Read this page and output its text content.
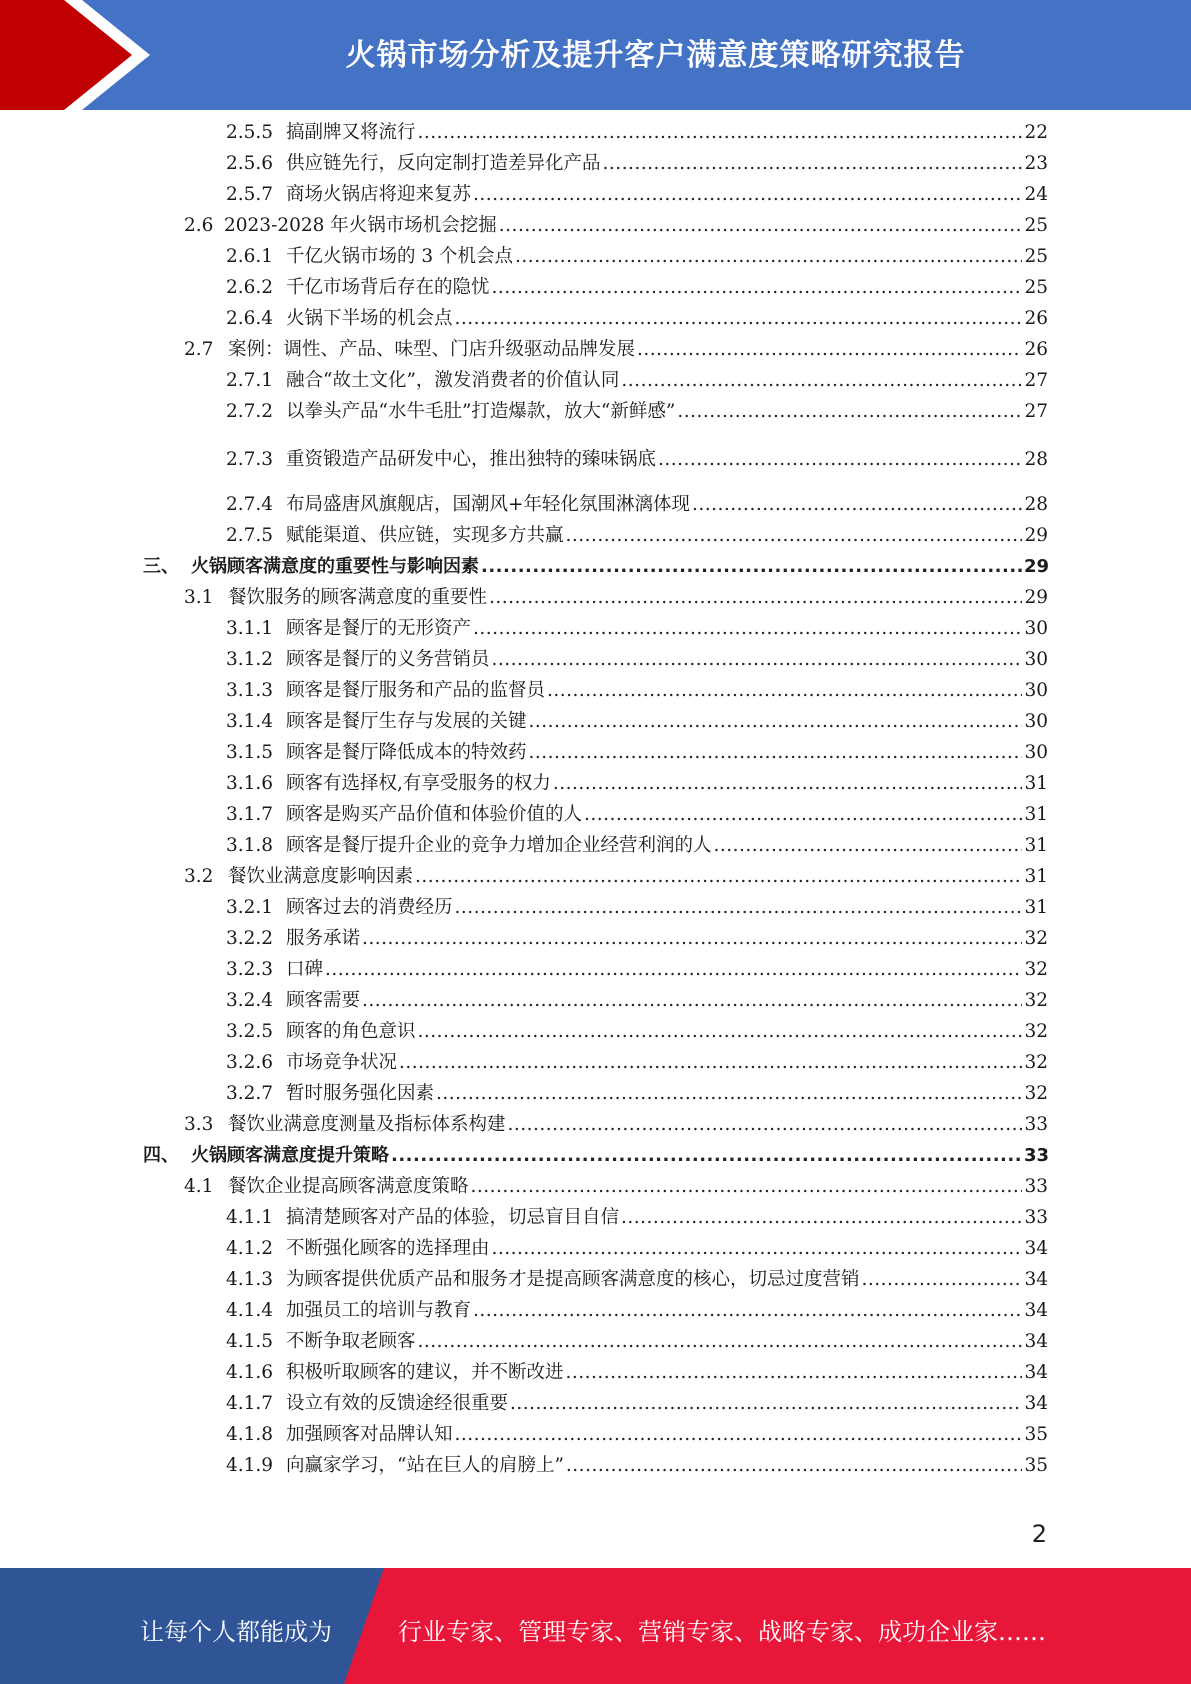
火锅市场分析及提升客户满意度策略研究报告
2.5.5 搞副牌又将流行 .....	22
2.5.6 供应链先行，反向定制打造差异化产品 .....	23
2.5.7 商场火锅店将迎来复苏 .....	24
2.6 2023-2028 年火锅市场机会挖掘 .....	25
2.6.1 千亿火锅市场的 3 个机会点 .....	25
2.6.2 千亿市场背后存在的隐忧 .....	25
2.6.4 火锅下半场的机会点 .....	26
2.7 案例：调性、产品、味型、门店升级驱动品牌发展 .....	26
2.7.1 融合“故土文化”，激发消费者的价值认同 .....	27
2.7.2 以拳头产品“水牛毛肚”打造爆款，放大“新鲜感” .....	27
2.7.3 重资锻造产品研发中心，推出独特的臻味锅底 .....	28
2.7.4 布局盛唐风旗舰店，国潮风+年轻化氛围淋漓体现 .....	28
2.7.5 赋能渠道、供应链，实现多方共赢 .....	29
三、 火锅顾客满意度的重要性与影响因素 .....	29
3.1 餐饮服务的顾客满意度的重要性 .....	29
3.1.1 顾客是餐厅的无形资产 .....	30
3.1.2 顾客是餐厅的义务营销员 .....	30
3.1.3 顾客是餐厅服务和产品的监督员 .....	30
3.1.4 顾客是餐厅生存与发展的关键 .....	30
3.1.5 顾客是餐厅降低成本的特效药 .....	30
3.1.6 顾客有选择权,有享受服务的权力 .....	31
3.1.7 顾客是购买产品价值和体验价值的人 .....	31
3.1.8 顾客是餐厅提升企业的竞争力增加企业经营利润的人 .....	31
3.2 餐饮业满意度影响因素 .....	31
3.2.1 顾客过去的消费经历 .....	31
3.2.2 服务承诺 .....	32
3.2.3 口碑 .....	32
3.2.4 顾客需要 .....	32
3.2.5 顾客的角色意识 .....	32
3.2.6 市场竞争状况 .....	32
3.2.7 暂时服务强化因素 .....	32
3.3 餐饮业满意度测量及指标体系构建 .....	33
四、 火锅顾客满意度提升策略 .....	33
4.1 餐饮企业提高顾客满意度策略 .....	33
4.1.1 搞清楚顾客对产品的体验，切忌盲目自信 .....	33
4.1.2 不断强化顾客的选择理由 .....	34
4.1.3 为顾客提供优质产品和服务才是提高顾客满意度的核心，切忌过度营销 .....	34
4.1.4 加强员工的培训与教育 .....	34
4.1.5 不断争取老顾客 .....	34
4.1.6 积极听取顾客的建议，并不断改进 .....	34
4.1.7 设立有效的反馈途经很重要 .....	34
4.1.8 加强顾客对品牌认知 .....	35
4.1.9 向赢家学习，“站在巨人的肩膀上” .....	35
2
让每个人都能成为	行业专家、管理专家、营销专家、战略专家、成功企业家……
